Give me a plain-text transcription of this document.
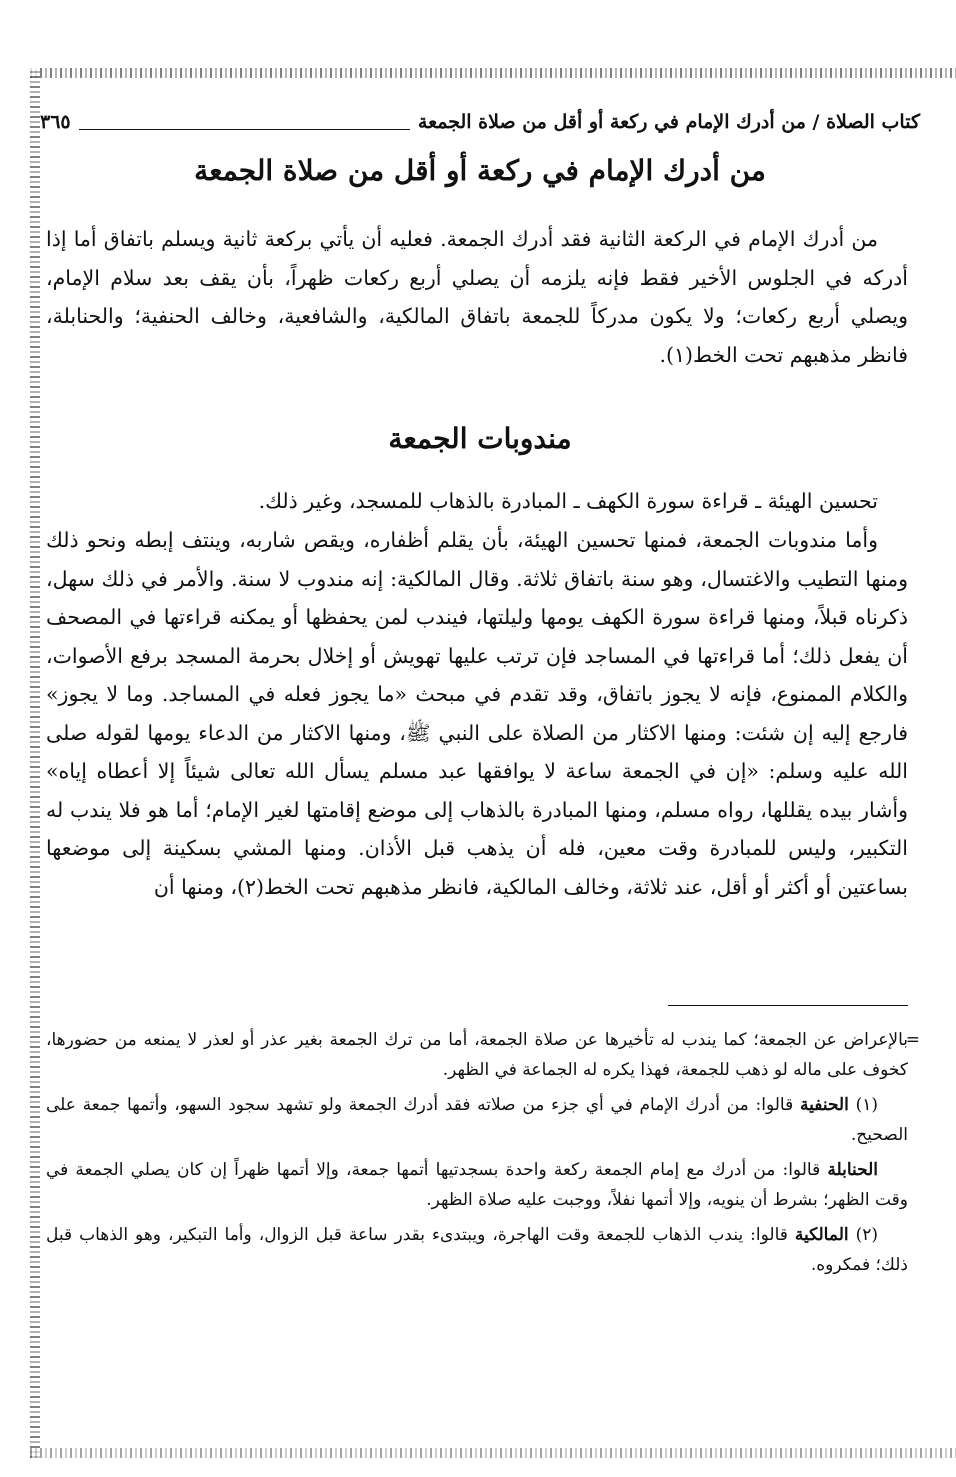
كتاب الصلاة / من أدرك الإمام في ركعة أو أقل من صلاة الجمعة
٣٦٥
من أدرك الإمام في ركعة أو أقل من صلاة الجمعة
من أدرك الإمام في الركعة الثانية فقد أدرك الجمعة. فعليه أن يأتي بركعة ثانية ويسلم باتفاق أما إذا أدركه في الجلوس الأخير فقط فإنه يلزمه أن يصلي أربع ركعات ظهراً، بأن يقف بعد سلام الإمام، ويصلي أربع ركعات؛ ولا يكون مدركاً للجمعة باتفاق المالكية، والشافعية، وخالف الحنفية؛ والحنابلة، فانظر مذهبهم تحت الخط(١).
مندوبات الجمعة
تحسين الهيئة ـ قراءة سورة الكهف ـ المبادرة بالذهاب للمسجد، وغير ذلك.
وأما مندوبات الجمعة، فمنها تحسين الهيئة، بأن يقلم أظفاره، ويقص شاربه، وينتف إبطه ونحو ذلك ومنها التطيب والاغتسال، وهو سنة باتفاق ثلاثة. وقال المالكية: إنه مندوب لا سنة. والأمر في ذلك سهل، ذكرناه قبلاً، ومنها قراءة سورة الكهف يومها وليلتها، فيندب لمن يحفظها أو يمكنه قراءتها في المصحف أن يفعل ذلك؛ أما قراءتها في المساجد فإن ترتب عليها تهويش أو إخلال بحرمة المسجد برفع الأصوات، والكلام الممنوع، فإنه لا يجوز باتفاق، وقد تقدم في مبحث «ما يجوز فعله في المساجد. وما لا يجوز» فارجع إليه إن شئت: ومنها الاكثار من الصلاة على النبي ﷺ، ومنها الاكثار من الدعاء يومها لقوله صلى الله عليه وسلم: «إن في الجمعة ساعة لا يوافقها عبد مسلم يسأل الله تعالى شيئاً إلا أعطاه إياه» وأشار بيده يقللها، رواه مسلم، ومنها المبادرة بالذهاب إلى موضع إقامتها لغير الإمام؛ أما هو فلا يندب له التكبير، وليس للمبادرة وقت معين، فله أن يذهب قبل الأذان. ومنها المشي بسكينة إلى موضعها بساعتين أو أكثر أو أقل، عند ثلاثة، وخالف المالكية، فانظر مذهبهم تحت الخط(٢)، ومنها أن
=
بالإعراض عن الجمعة؛ كما يندب له تأخيرها عن صلاة الجمعة، أما من ترك الجمعة بغير عذر أو لعذر لا يمنعه من حضورها، كخوف على ماله لو ذهب للجمعة، فهذا يكره له الجماعة في الظهر.
(١) الحنفية قالوا: من أدرك الإمام في أي جزء من صلاته فقد أدرك الجمعة ولو تشهد سجود السهو، وأتمها جمعة على الصحيح.
الحنابلة قالوا: من أدرك مع إمام الجمعة ركعة واحدة بسجدتيها أتمها جمعة، وإلا أتمها ظهراً إن كان يصلي الجمعة في وقت الظهر؛ بشرط أن ينويه، وإلا أتمها نفلاً، ووجبت عليه صلاة الظهر.
(٢) المالكية قالوا: يندب الذهاب للجمعة وقت الهاجرة، ويبتدىء بقدر ساعة قبل الزوال، وأما التبكير، وهو الذهاب قبل ذلك؛ فمكروه.
